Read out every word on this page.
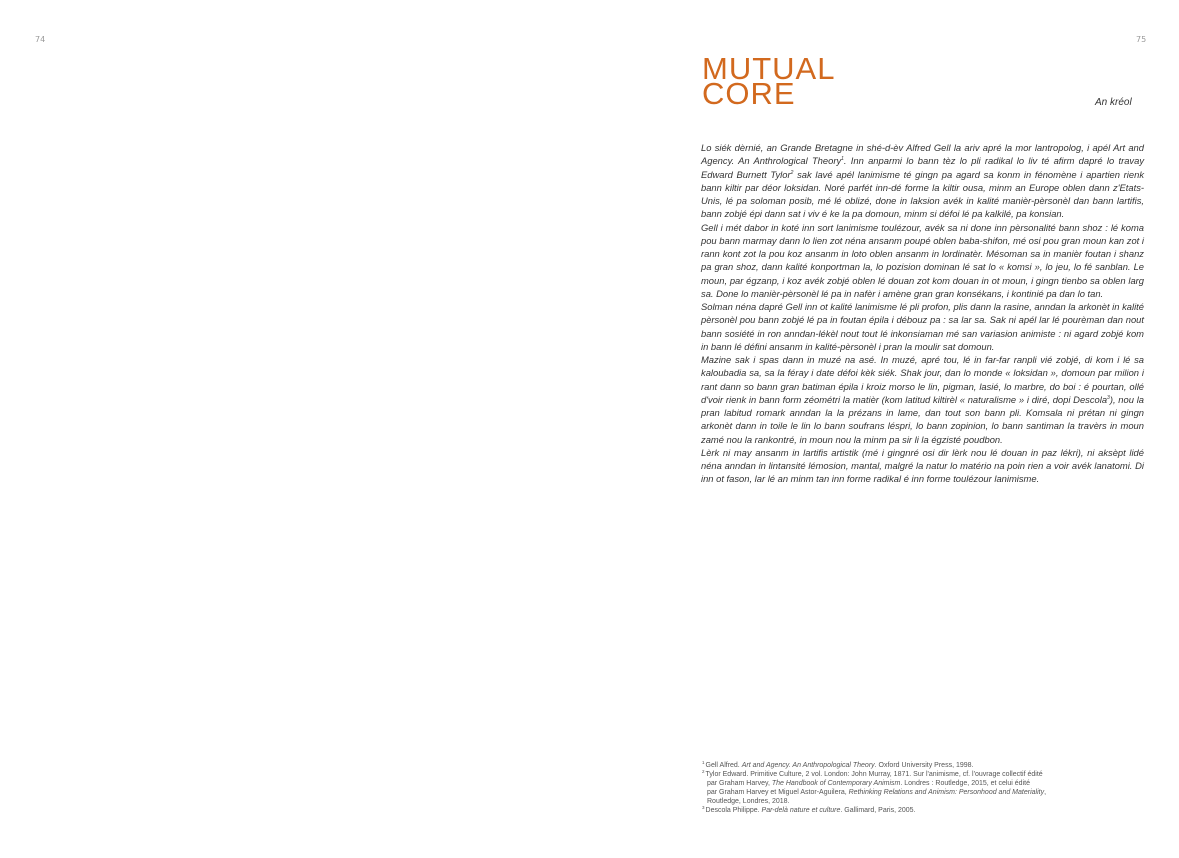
74	75
MUTUAL
CORE	An kréol

Lo siék dèrnié, an Grande Bretagne in shé-d-èv Alfred Gell la ariv apré la mor lantropolog, i apél Art and Agency. An Anthrological Theory$^1$. Inn anparmi lo bann tèz lo pli radikal lo liv té afirm dapré lo travay Edward Burnett Tylor$^2$ sak lavé apél lanimisme té gingn pa agard sa konm in fénomène i apartien rienk bann kiltir par déor loksidan. Noré parfét inn-dé forme la kiltir ousa, minm an Europe oblen dann z'Etats-Unis, lé pa soloman posib, mé lé oblizé, done in laksion avék in kalité manièr-pèrsonèl dan bann lartifis, bann zobjé épi dann sat i viv é ke la pa domoun, minm si défoi lé pa kalkilé, pa konsian.

Gell i mét dabor in koté inn sort lanimisme toulézour, avék sa ni done inn pèrsonalité bann shoz : lé koma pou bann marmay dann lo lien zot néna ansanm poupé oblen baba-shifon, mé osi pou gran moun kan zot i rann kont zot la pou koz ansanm in loto oblen ansanm in lordinatèr. Mésoman sa in manièr foutan i shanz pa gran shoz, dann kalité konportman la, lo pozision dominan lé sat lo « komsi », lo jeu, lo fé sanblan. Le moun, par égzanp, i koz avék zobjé oblen lé douan zot kom douan in ot moun, i gingn tienbo sa oblen larg sa. Done lo manièr-pèrsonèl lé pa in nafèr i amène gran gran konsékans, i kontinié pa dan lo tan.

Solman néna dapré Gell inn ot kalité lanimisme lé pli profon, plis dann la rasine, anndan la arkonèt in kalité pèrsonèl pou bann zobjé lé pa in foutan épila i débouz pa : sa lar sa. Sak ni apél lar lé pourèman dan nout bann sosiété in ron anndan-lékèl nout tout lé inkonsiaman mé san variasion animiste : ni agard zobjé kom in bann lé défini ansanm in kalité-pèrsonèl i pran la moulir sat domoun.

Mazine sak i spas dann in muzé na asé. In muzé, apré tou, lé in far-far ranpli vié zobjé, di kom i lé sa kaloubadia sa, sa la féray i date défoi kèk siék. Shak jour, dan lo monde « loksidan », domoun par milion i rant dann so bann gran batiman épila i kroiz morso le lin, pigman, lasié, lo marbre, do boi : é pourtan, ollé d'voir rienk in bann form zéométri la matièr (kom latitud kiltirèl « naturalisme » i diré, dopi Descola$^3$), nou la pran labitud romark anndan la la prézans in lame, dan tout son bann pli. Komsala ni prétan ni gingn arkonèt dann in toile le lin lo bann soufrans léspri, lo bann zopinion, lo bann santiman la travèrs in moun zamé nou la rankontré, in moun nou la minm pa sir li la égzisté poudbon.

Lèrk ni may ansanm in lartifis artistik (mé i gingnré osi dir lèrk nou lé douan in paz lékri), ni aksèpt lidé néna anndan in lintansité lémosion, mantal, malgré la natur lo matério na poin rien a voir avék lanatomi. Di inn ot fason, lar lé an minm tan inn forme radikal é inn forme toulézour lanimisme.

$^1$Gell Alfred. Art and Agency. An Anthropological Theory. Oxford University Press, 1998.

$^2$Tylor Edward. Primitive Culture, 2 vol. London: John Murray, 1871. Sur l'animisme, cf. l'ouvrage collectif édité

par Graham Harvey, The Handbook of Contemporary Animism. Londres : Routledge, 2015, et celui édité

par Graham Harvey et Miguel Astor-Aguilera, Rethinking Relations and Animism: Personhood and Materiality,

Routledge, Londres, 2018.

$^3$Descola Philippe. Par-delà nature et culture. Gallimard, Paris, 2005.
